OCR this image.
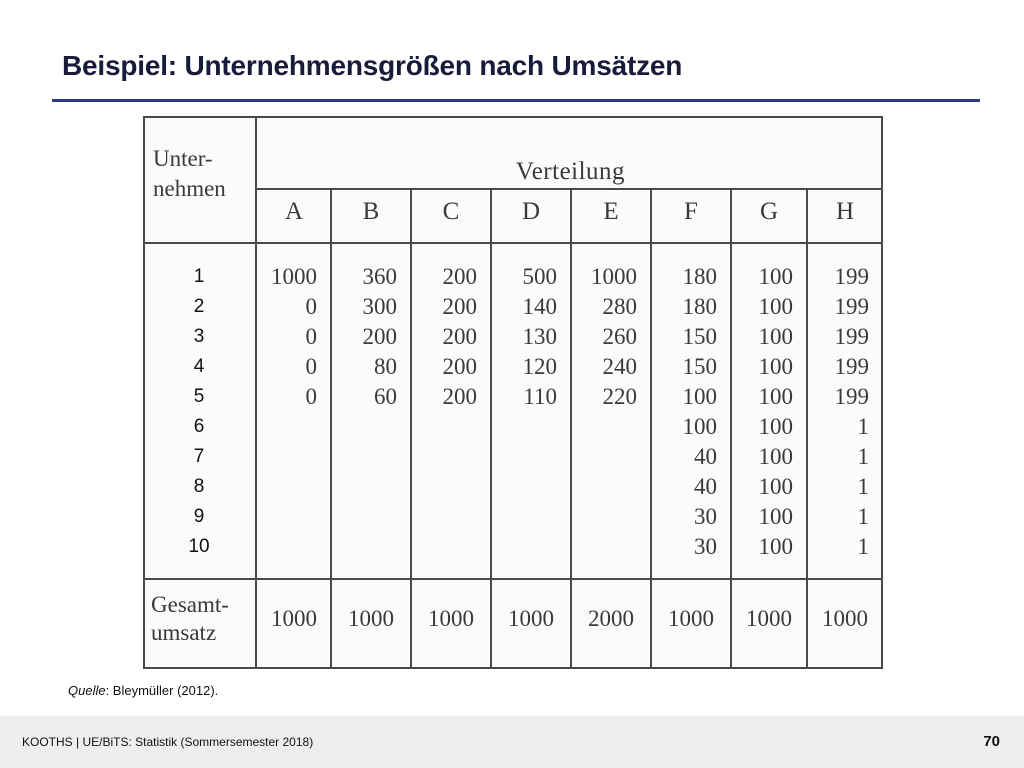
Beispiel: Unternehmensgrößen nach Umsätzen
Unter-
nehmen
Verteilung
1
2
3
4
5
6
7
8
9
10
Gesamt-
umsatz
A
1000
0
0
0
0
1000
B
360
300
200
80
60
1000
C
200
200
200
200
200
1000
D
500
140
130
120
110
1000
E
1000
280
260
240
220
2000
F
180
180
150
150
100
100
40
40
30
30
1000
G
100
100
100
100
100
100
100
100
100
100
1000
H
199
199
199
199
199
1
1
1
1
1
1000
Quelle: Bleymüller (2012).
KOOTHS | UE/BiTS: Statistik (Sommersemester 2018)	70
